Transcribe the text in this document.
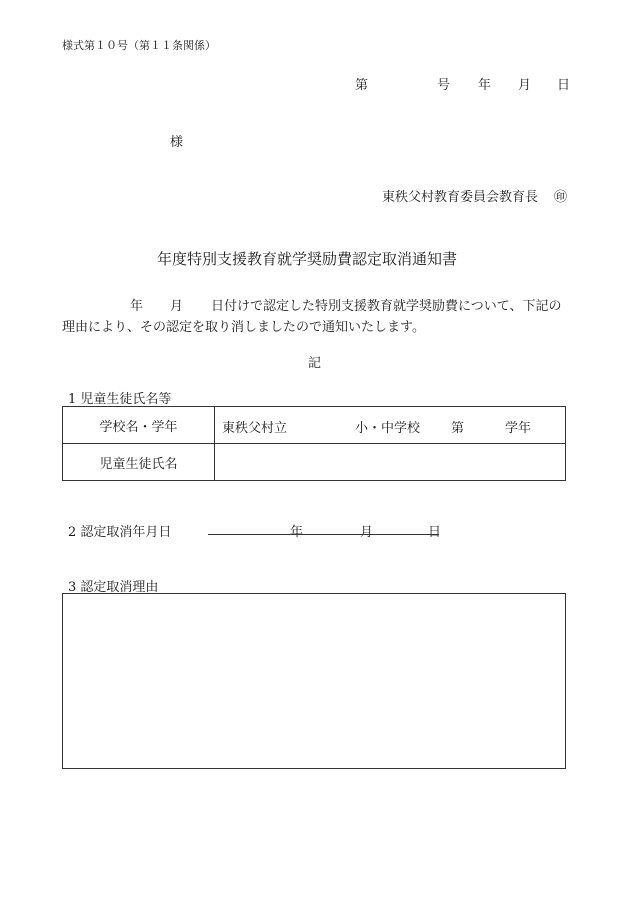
様式第１０号（第１１条関係）
第	号 年 月 日
様
東秩父村教育委員会教育長 ㊞
年度特別支援教育就学奨励費認定取消通知書
年 月 日付けで認定した特別支援教育就学奨励費について、下記の
理由により、その認定を取り消しましたので通知いたします。
記
1 児童生徒氏名等
学校名・学年	東秩父村立 小・中学校 第 学年

児童生徒氏名	
2 認定取消年月日	年	月	日
3 認定取消理由
